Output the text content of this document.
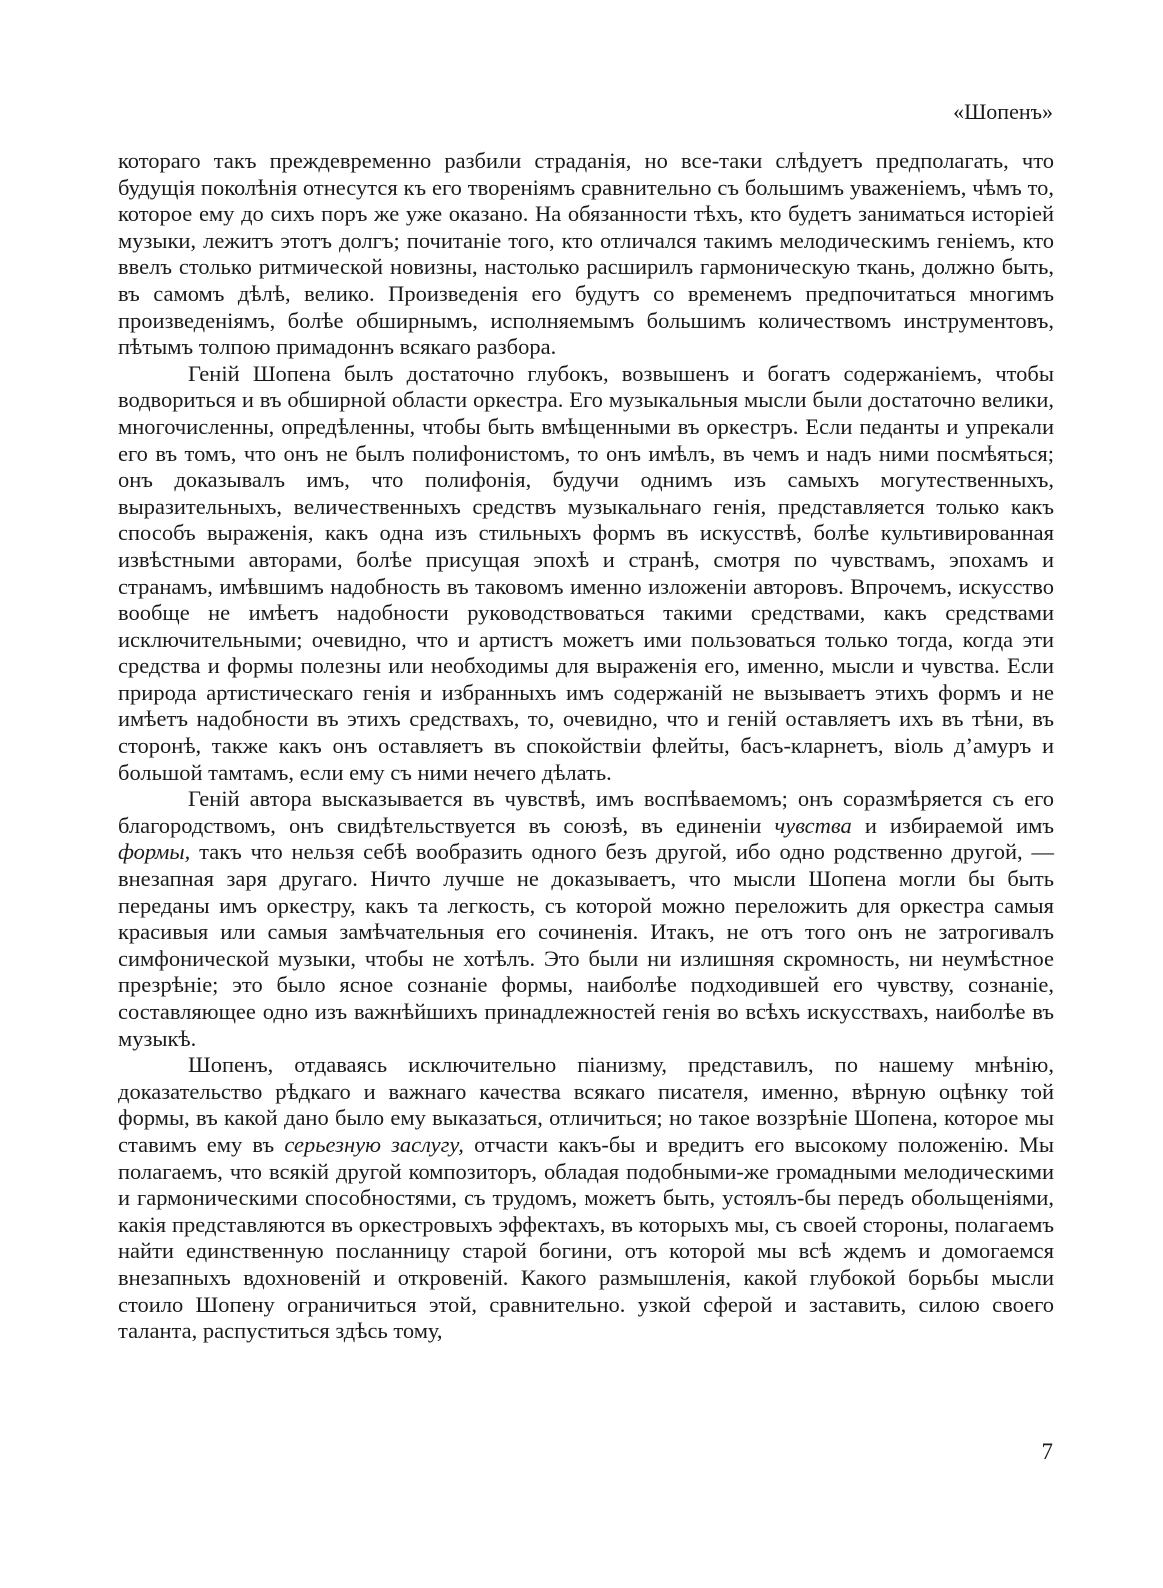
«Шопенъ»

котораго такъ преждевременно разбили страданія, но все-таки слѣдуетъ предполагать, что будущія поколѣнія отнесутся къ его твореніямъ сравнительно съ большимъ уваженіемъ, чѣмъ то, которое ему до сихъ поръ же уже оказано. На обязанности тѣхъ, кто будетъ заниматься исторіей музыки, лежитъ этотъ долгъ; почитаніе того, кто отличался такимъ мелодическимъ геніемъ, кто ввелъ столько ритмической новизны, настолько расширилъ гармоническую ткань, должно быть, въ самомъ дѣлѣ, велико. Произведенія его будутъ со временемъ предпочитаться многимъ произведеніямъ, болѣе обширнымъ, исполняемымъ большимъ количествомъ инструментовъ, пѣтымъ толпою примадоннъ всякаго разбора.

Геній Шопена былъ достаточно глубокъ, возвышенъ и богатъ содержаніемъ, чтобы водвориться и въ обширной области оркестра. Его музыкальныя мысли были достаточно велики, многочисленны, опредѣленны, чтобы быть вмѣщенными въ оркестръ. Если педанты и упрекали его въ томъ, что онъ не былъ полифонистомъ, то онъ имѣлъ, въ чемъ и надъ ними посмѣяться; онъ доказывалъ имъ, что полифонія, будучи однимъ изъ самыхъ могутественныхъ, выразительныхъ, величественныхъ средствъ музыкальнаго генія, представляется только какъ способъ выраженія, какъ одна изъ стильныхъ формъ въ искусствѣ, болѣе культивированная извѣстными авторами, болѣе присущая эпохѣ и странѣ, смотря по чувствамъ, эпохамъ и странамъ, имѣвшимъ надобность въ таковомъ именно изложеніи авторовъ. Впрочемъ, искусство вообще не имѣетъ надобности руководствоваться такими средствами, какъ средствами исключительными; очевидно, что и артистъ можетъ ими пользоваться только тогда, когда эти средства и формы полезны или необходимы для выраженія его, именно, мысли и чувства. Если природа артистическаго генія и избранныхъ имъ содержаній не вызываетъ этихъ формъ и не имѣетъ надобности въ этихъ средствахъ, то, очевидно, что и геній оставляетъ ихъ въ тѣни, въ сторонѣ, также какъ онъ оставляетъ въ спокойствіи флейты, басъ-кларнетъ, віоль д’амуръ и большой тамтамъ, если ему съ ними нечего дѣлать.

Геній автора высказывается въ чувствѣ, имъ воспѣваемомъ; онъ соразмѣряется съ его благородствомъ, онъ свидѣтельствуется въ союзѣ, въ единеніи чувства и избираемой имъ формы, такъ что нельзя себѣ вообразить одного безъ другой, ибо одно родственно другой, — внезапная заря другаго. Ничто лучше не доказываетъ, что мысли Шопена могли бы быть переданы имъ оркестру, какъ та легкость, съ которой можно переложить для оркестра самыя красивыя или самыя замѣчательныя его сочиненія. Итакъ, не отъ того онъ не затрогивалъ симфонической музыки, чтобы не хотѣлъ. Это были ни излишняя скромность, ни неумѣстное презрѣніе; это было ясное сознаніе формы, наиболѣе подходившей его чувству, сознаніе, составляющее одно изъ важнѣйшихъ принадлежностей генія во всѣхъ искусствахъ, наиболѣе въ музыкѣ.

Шопенъ, отдаваясь исключительно піанизму, представилъ, по нашему мнѣнію, доказательство рѣдкаго и важнаго качества всякаго писателя, именно, вѣрную оцѣнку той формы, въ какой дано было ему выказаться, отличиться; но такое воззрѣніе Шопена, которое мы ставимъ ему въ серьезную заслугу, отчасти какъ-бы и вредитъ его высокому положенію. Мы полагаемъ, что всякій другой композиторъ, обладая подобными-же громадными мелодическими и гармоническими способностями, съ трудомъ, можетъ быть, устоялъ-бы передъ обольщеніями, какія представляются въ оркестровыхъ эффектахъ, въ которыхъ мы, съ своей стороны, полагаемъ найти единственную посланницу старой богини, отъ которой мы всѣ ждемъ и домогаемся внезапныхъ вдохновеній и откровеній. Какого размышленія, какой глубокой борьбы мысли стоило Шопену ограничиться этой, сравнительно. узкой сферой и заставить, силою своего таланта, распуститься здѣсь тому,

7
